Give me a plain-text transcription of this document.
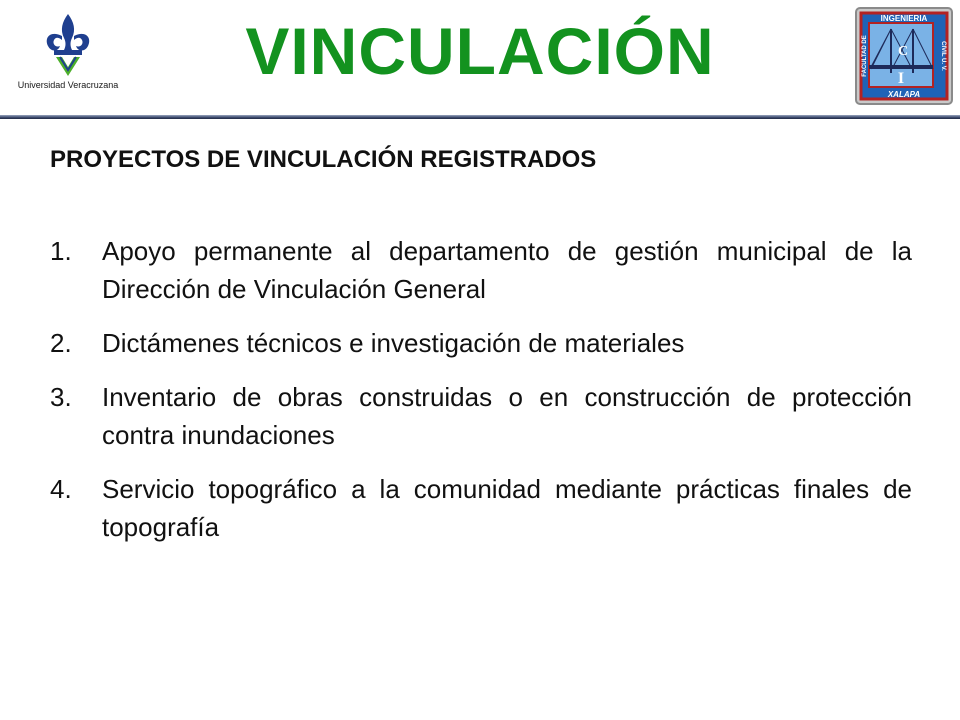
Universidad Veracruzana	VINCULACIÓN	C
I
INGENIERIA
XALAPA
FACULTAD DE	CIVIL U. V.
PROYECTOS DE VINCULACIÓN REGISTRADOS
1.	Apoyo permanente al departamento de gestión municipal de la Dirección de Vinculación General
2.	Dictámenes técnicos e investigación de materiales
3.	Inventario de obras construidas o en construcción de protección contra inundaciones
4.	Servicio topográfico a la comunidad mediante prácticas finales de topografía
